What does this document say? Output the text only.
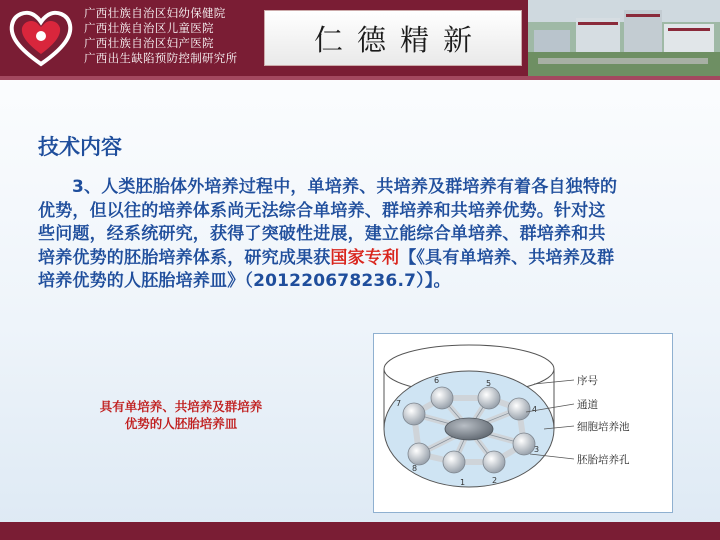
广西壮族自治区妇幼保健院
广西壮族自治区儿童医院
广西壮族自治区妇产医院
广西出生缺陷预防控制研究所
仁德精新
技术内容
3、人类胚胎体外培养过程中，单培养、共培养及群培养有着各自独特的优势，但以往的培养体系尚无法综合单培养、群培养和共培养优势。针对这些问题，经系统研究，获得了突破性进展，建立能综合单培养、群培养和共培养优势的胚胎培养体系，研究成果获国家专利【《具有单培养、共培养及群培养优势的人胚胎培养皿》（201220678236.7）】。
具有单培养、共培养及群培养优势的人胚胎培养皿
1	2
3
4
5
6
7
8
序号
通道
细胞培养池
胚胎培养孔
